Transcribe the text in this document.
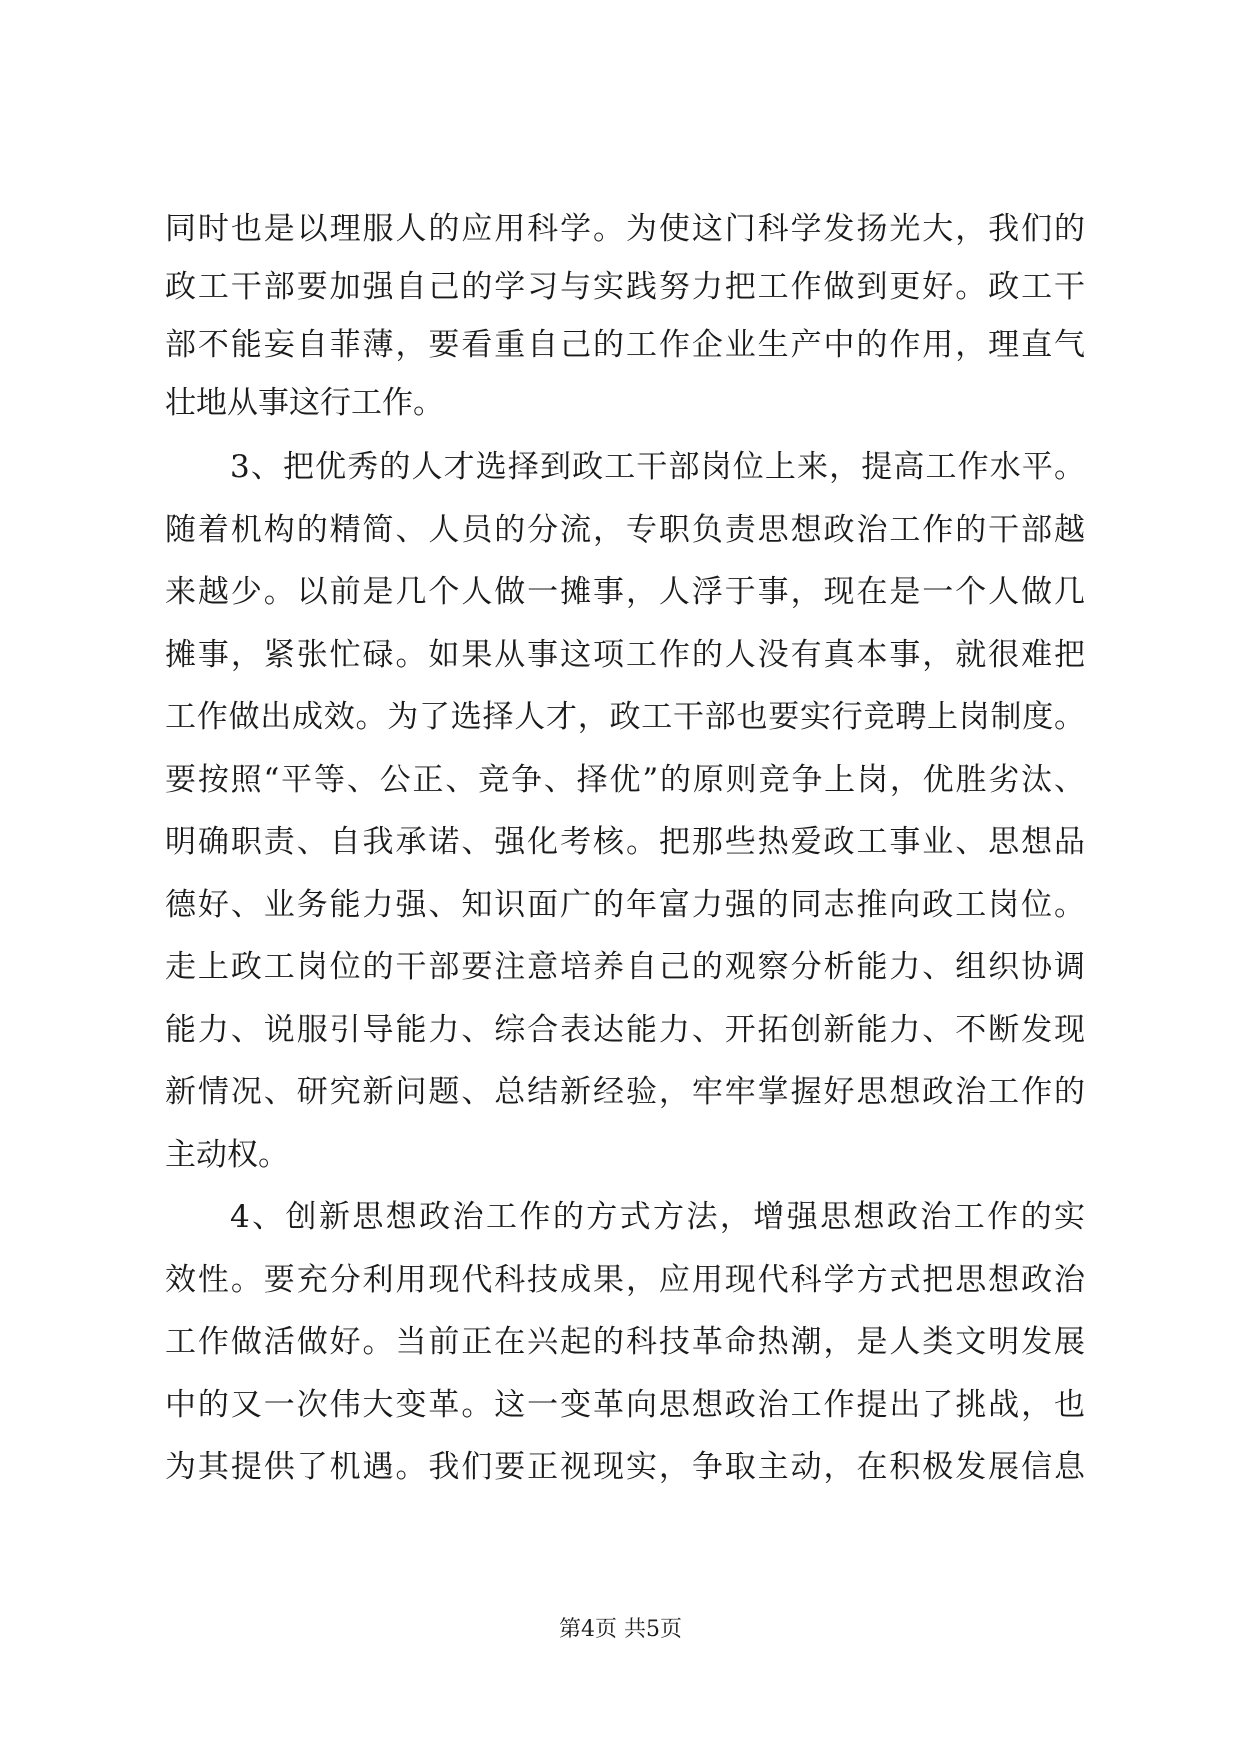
同时也是以理服人的应用科学。为使这门科学发扬光大，我们的
政工干部要加强自己的学习与实践努力把工作做到更好。政工干
部不能妄自菲薄，要看重自己的工作企业生产中的作用，理直气
壮地从事这行工作。
3、把优秀的人才选择到政工干部岗位上来，提高工作水平。
随着机构的精简、人员的分流，专职负责思想政治工作的干部越
来越少。以前是几个人做一摊事，人浮于事，现在是一个人做几
摊事，紧张忙碌。如果从事这项工作的人没有真本事，就很难把
工作做出成效。为了选择人才，政工干部也要实行竞聘上岗制度。
要按照“平等、公正、竞争、择优”的原则竞争上岗，优胜劣汰、
明确职责、自我承诺、强化考核。把那些热爱政工事业、思想品
德好、业务能力强、知识面广的年富力强的同志推向政工岗位。
走上政工岗位的干部要注意培养自己的观察分析能力、组织协调
能力、说服引导能力、综合表达能力、开拓创新能力、不断发现
新情况、研究新问题、总结新经验，牢牢掌握好思想政治工作的
主动权。
4、创新思想政治工作的方式方法，增强思想政治工作的实
效性。要充分利用现代科技成果，应用现代科学方式把思想政治
工作做活做好。当前正在兴起的科技革命热潮，是人类文明发展
中的又一次伟大变革。这一变革向思想政治工作提出了挑战，也
为其提供了机遇。我们要正视现实，争取主动，在积极发展信息
第4页 共5页
